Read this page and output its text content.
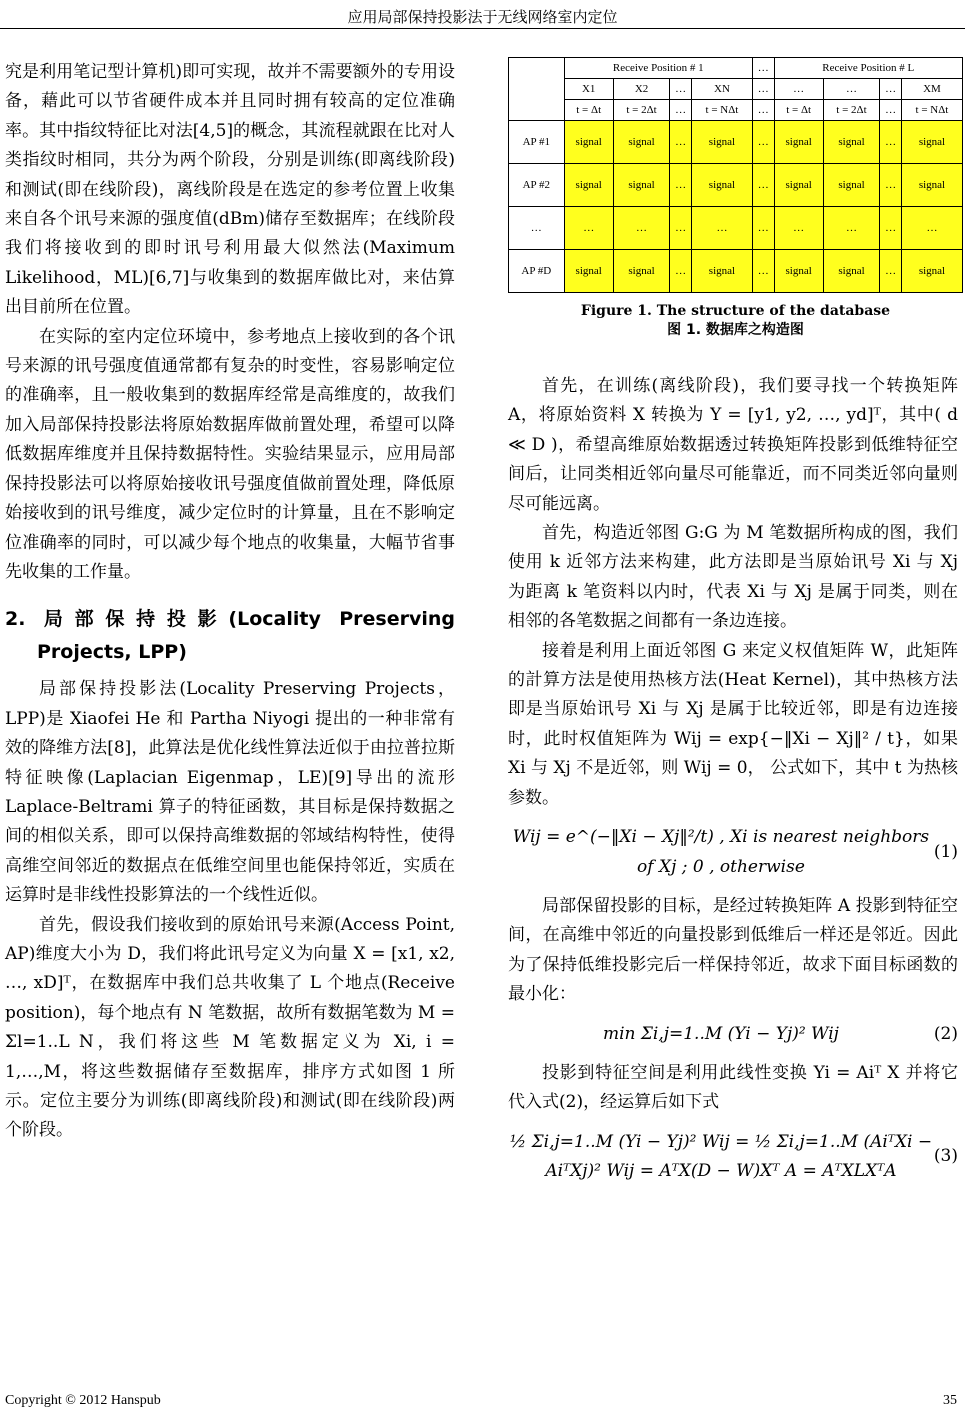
应用局部保持投影法于无线网络室内定位

究是利用笔记型计算机)即可实现，故并不需要额外的专用设备，藉此可以节省硬件成本并且同时拥有较高的定位准确率。其中指纹特征比对法[4,5]的概念，其流程就跟在比对人类指纹时相同，共分为两个阶段，分别是训练(即离线阶段)和测试(即在线阶段)，离线阶段是在选定的参考位置上收集来自各个讯号来源的强度值(dBm)储存至数据库；在线阶段我们将接收到的即时讯号利用最大似然法(Maximum Likelihood，ML)[6,7]与收集到的数据库做比对，来估算出目前所在位置。

在实际的室内定位环境中，参考地点上接收到的各个讯号来源的讯号强度值通常都有复杂的时变性，容易影响定位的准确率，且一般收集到的数据库经常是高维度的，故我们加入局部保持投影法将原始数据库做前置处理，希望可以降低数据库维度并且保持数据特性。实验结果显示，应用局部保持投影法可以将原始接收讯号强度值做前置处理，降低原始接收到的讯号维度，减少定位时的计算量，且在不影响定位准确率的同时，可以减少每个地点的收集量，大幅节省事先收集的工作量。

2. 局部保持投影(Locality Preserving Projects, LPP)

局部保持投影法(Locality Preserving Projects，LPP)是 Xiaofei He 和 Partha Niyogi 提出的一种非常有效的降维方法[8]，此算法是优化线性算法近似于由拉普拉斯特征映像(Laplacian Eigenmap，LE)[9]导出的流形 Laplace-Beltrami 算子的特征函数，其目标是保持数据之间的相似关系，即可以保持高维数据的邻域结构特性，使得高维空间邻近的数据点在低维空间里也能保持邻近，实质在运算时是非线性投影算法的一个线性近似。

首先，假设我们接收到的原始讯号来源(Access Point, AP)维度大小为 D，我们将此讯号定义为向量 X = [x1, x2, …, xD]ᵀ，在数据库中我们总共收集了 L 个地点(Receive position)，每个地点有 N 笔数据，故所有数据笔数为 M = Σl=1..L N，我们将这些 M 笔数据定义为 Xi, i = 1,…,M，将这些数据储存至数据库，排序方式如图 1 所示。定位主要分为训练(即离线阶段)和测试(即在线阶段)两个阶段。

	Receive Position # 1				…	Receive Position # L			
	X1	X2	…	XN	…	…	…	…	XM
	t = Δt	t = 2Δt	…	t = NΔt	…	t = Δt	t = 2Δt	…	t = NΔt
AP #1	signal	signal	…	signal	…	signal	signal	…	signal
AP #2	signal	signal	…	signal	…	signal	signal	…	signal
…	…	…	…	…	…	…	…	…	…
AP #D	signal	signal	…	signal	…	signal	signal	…	signal
Figure 1. The structure of the database
图 1. 数据库之构造图

首先，在训练(离线阶段)，我们要寻找一个转换矩阵 A，将原始资料 X 转换为 Y = [y1, y2, …, yd]ᵀ，其中( d ≪ D )，希望高维原始数据透过转换矩阵投影到低维特征空间后，让同类相近邻向量尽可能靠近，而不同类近邻向量则尽可能远离。

首先，构造近邻图 G:G 为 M 笔数据所构成的图，我们使用 k 近邻方法来构建，此方法即是当原始讯号 Xi 与 Xj 为距离 k 笔资料以内时，代表 Xi 与 Xj 是属于同类，则在相邻的各笔数据之间都有一条边连接。

接着是利用上面近邻图 G 来定义权值矩阵 W，此矩阵的計算方法是使用热核方法(Heat Kernel)，其中热核方法即是当原始讯号 Xi 与 Xj 是属于比较近邻，即是有边连接时，此时权值矩阵为 Wij = exp{−‖Xi − Xj‖² / t}，如果 Xi 与 Xj 不是近邻，则 Wij = 0， 公式如下，其中 t 为热核参数。

Wij = e^(−‖Xi − Xj‖²/t) , Xi is nearest neighbors of Xj ; 0 , otherwise
(1)

局部保留投影的目标，是经过转换矩阵 A 投影到特征空间，在高维中邻近的向量投影到低维后一样还是邻近。因此为了保持低维投影完后一样保持邻近，故求下面目标函数的最小化：

min Σi,j=1..M (Yi − Yj)² Wij	(2)

投影到特征空间是利用此线性变换 Yi = Aiᵀ X 并将它代入式(2)，经运算后如下式

½ Σi,j=1..M (Yi − Yj)² Wij = ½ Σi,j=1..M (AiᵀXi − AiᵀXj)² Wij = AᵀX(D − W)Xᵀ A = AᵀXLXᵀA
(3)

Copyright © 2012 Hanspub	35
